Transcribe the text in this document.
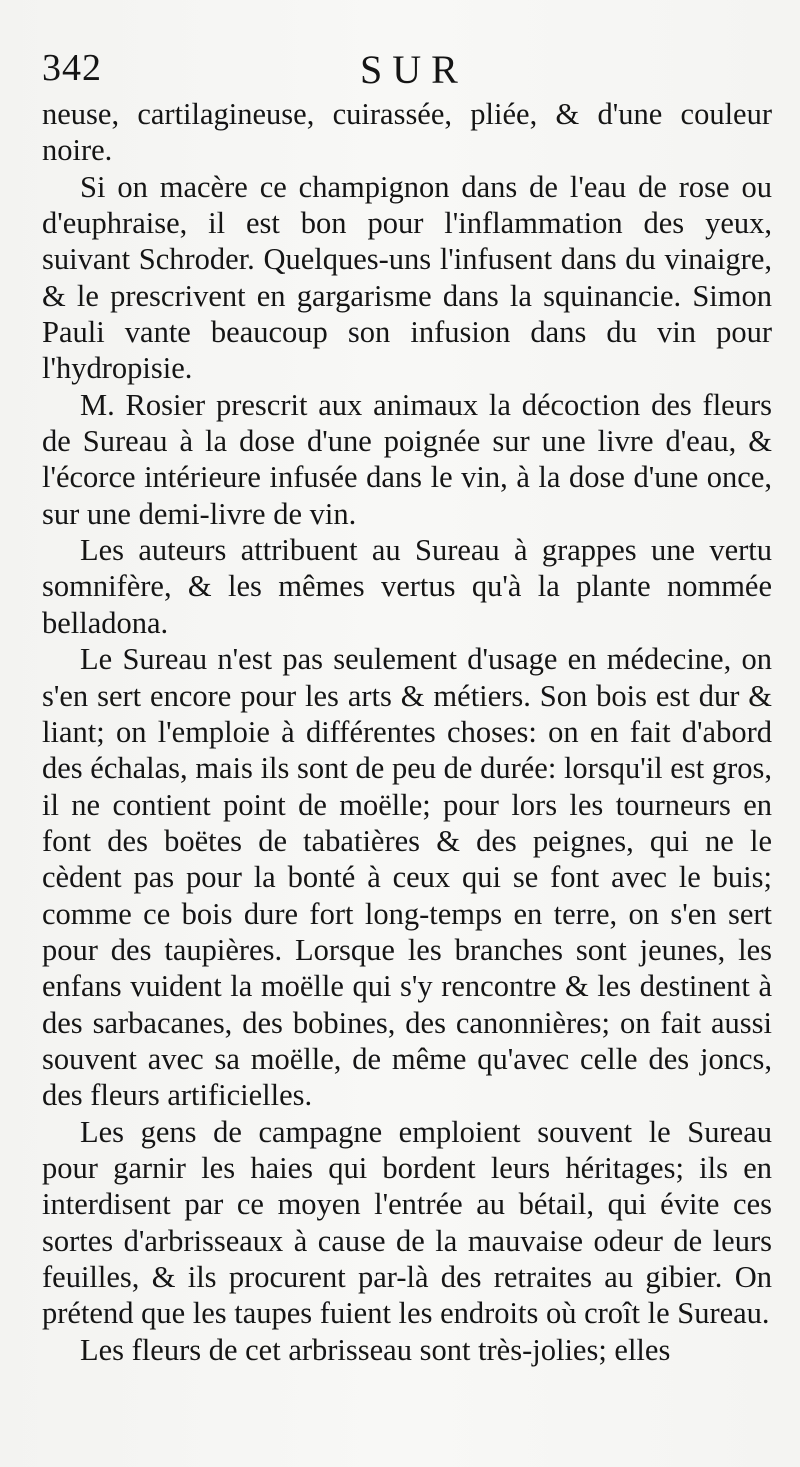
342	SUR

neuse, cartilagineuse, cuirassée, pliée, & d'une couleur noire.

Si on macère ce champignon dans de l'eau de rose ou d'euphraise, il est bon pour l'inflammation des yeux, suivant Schroder. Quelques-uns l'infusent dans du vinaigre, & le prescrivent en gargarisme dans la squinancie. Simon Pauli vante beaucoup son infusion dans du vin pour l'hydropisie.

M. Rosier prescrit aux animaux la décoction des fleurs de Sureau à la dose d'une poignée sur une livre d'eau, & l'écorce intérieure infusée dans le vin, à la dose d'une once, sur une demi-livre de vin.

Les auteurs attribuent au Sureau à grappes une vertu somnifère, & les mêmes vertus qu'à la plante nommée belladona.

Le Sureau n'est pas seulement d'usage en médecine, on s'en sert encore pour les arts & métiers. Son bois est dur & liant; on l'emploie à différentes choses: on en fait d'abord des échalas, mais ils sont de peu de durée: lorsqu'il est gros, il ne contient point de moëlle; pour lors les tourneurs en font des boëtes de tabatières & des peignes, qui ne le cèdent pas pour la bonté à ceux qui se font avec le buis; comme ce bois dure fort long-temps en terre, on s'en sert pour des taupières. Lorsque les branches sont jeunes, les enfans vuident la moëlle qui s'y rencontre & les destinent à des sarbacanes, des bobines, des canonnières; on fait aussi souvent avec sa moëlle, de même qu'avec celle des joncs, des fleurs artificielles.

Les gens de campagne emploient souvent le Sureau pour garnir les haies qui bordent leurs héritages; ils en interdisent par ce moyen l'entrée au bétail, qui évite ces sortes d'arbrisseaux à cause de la mauvaise odeur de leurs feuilles, & ils procurent par-là des retraites au gibier. On prétend que les taupes fuient les endroits où croît le Sureau.

Les fleurs de cet arbrisseau sont très-jolies; elles
